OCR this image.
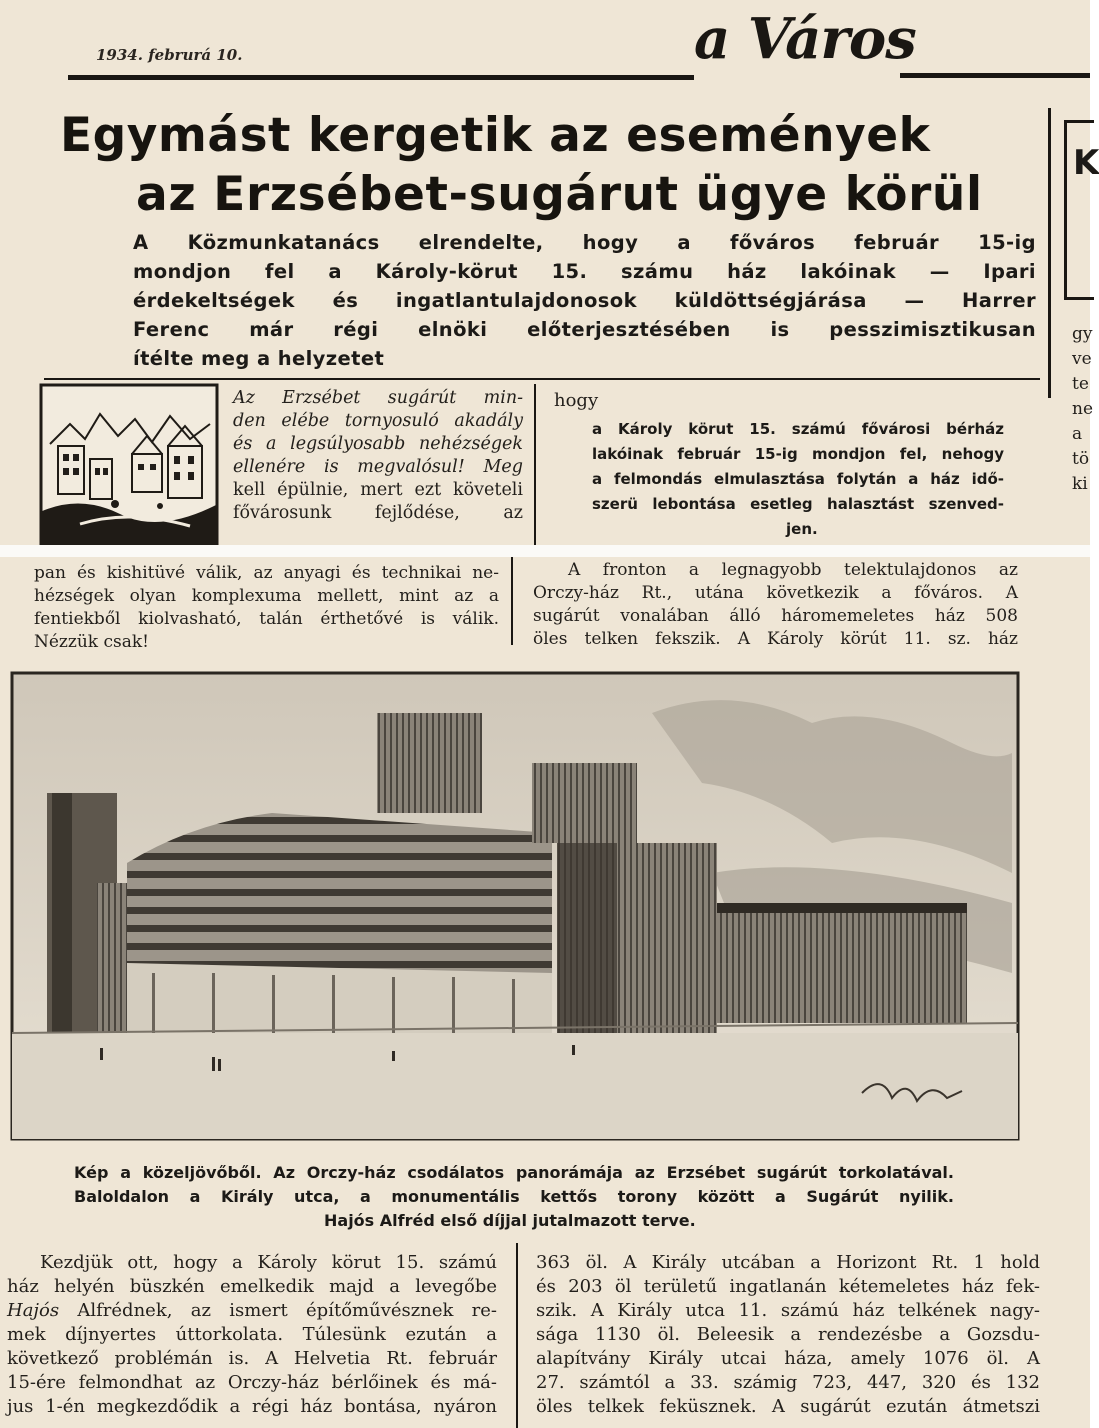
1934. februrá 10.	a Város
Egymást kergetik az események
az Erzsébet-sugárut ügye körül
A Közmunkatanács elrendelte, hogy a főváros február 15-ig
mondjon fel a Károly-körut 15. számu ház lakóinak — Ipari
érdekeltségek és ingatlantulajdonosok küldöttségjárása — Harrer
Ferenc már régi elnöki előterjesztésében is pesszimisztikusan
ítélte meg a helyzetet
Az Erzsébet sugárút min-
den elébe tornyosuló akadály
és a legsúlyosabb nehézségek
ellenére is megvalósul! Meg
kell épülnie, mert ezt követeli
fővárosunk fejlődése, az
hogy
a Károly körut 15. számú fővárosi bérház
lakóinak február 15-ig mondjon fel, nehogy
a felmondás elmulasztása folytán a ház idő-
szerü lebontása esetleg halasztást szenved-
jen.
K
gy
ve
te
ne
a
tö
ki
pan és kishitüvé válik, az anyagi és technikai ne-
hézségek olyan komplexuma mellett, mint az a
fentiekből kiolvasható, talán érthetővé is válik.
Nézzük csak!
A fronton a legnagyobb telektulajdonos az
Orczy-ház Rt., utána következik a főváros. A
sugárút vonalában álló háromemeletes ház 508
öles telken fekszik. A Károly körút 11. sz. ház
Kép a közeljövőből. Az Orczy-ház csodálatos panorámája az Erzsébet sugárút torkolatával.
Baloldalon a Király utca, a monumentális kettős torony között a Sugárút nyilik.
Hajós Alfréd első díjjal jutalmazott terve.
Kezdjük ott, hogy a Károly körut 15. számú
ház helyén büszkén emelkedik majd a levegőbe
Hajós Alfrédnek, az ismert építőművésznek re-
mek díjnyertes úttorkolata. Túlesünk ezután a
következő problémán is. A Helvetia Rt. február
15-ére felmondhat az Orczy-ház bérlőinek és má-
jus 1-én megkezdődik a régi ház bontása, nyáron
363 öl. A Király utcában a Horizont Rt. 1 hold
és 203 öl területű ingatlanán kétemeletes ház fek-
szik. A Király utca 11. számú ház telkének nagy-
sága 1130 öl. Beleesik a rendezésbe a Gozsdu-
alapítvány Király utcai háza, amely 1076 öl. A
27. számtól a 33. számig 723, 447, 320 és 132
öles telkek feküsznek. A sugárút ezután átmetszi
